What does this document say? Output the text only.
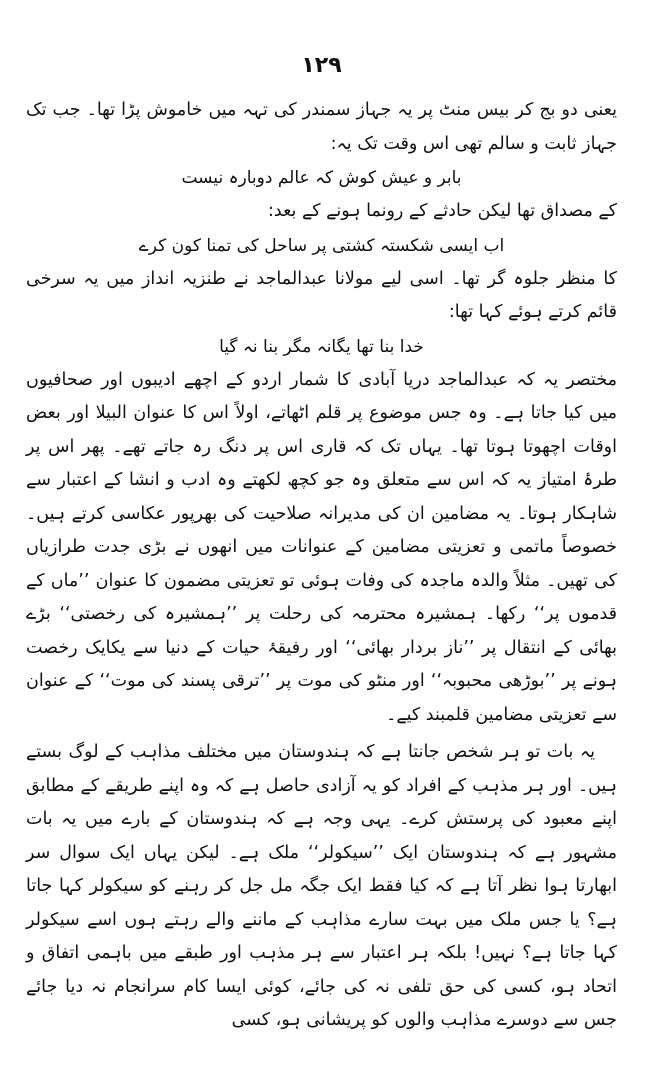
١٢٩

یعنی دو بج کر بیس منٹ پر یہ جہاز سمندر کی تہہ میں خاموش پڑا تھا۔ جب تک جہاز ثابت و سالم تھی اس وقت تک یہ:

بابر و عیش کوش کہ عالم دوبارہ نیست

کے مصداق تھا لیکن حادثے کے رونما ہونے کے بعد:

اب ایسی شکستہ کشتی پر ساحل کی تمنا کون کرے

کا منظر جلوہ گر تھا۔ اسی لیے مولانا عبدالماجد نے طنزیہ انداز میں یہ سرخی قائم کرتے ہوئے کہا تھا:

خدا بنا تھا یگانہ مگر بنا نہ گیا

مختصر یہ کہ عبدالماجد دریا آبادی کا شمار اردو کے اچھے ادیبوں اور صحافیوں میں کیا جاتا ہے۔ وہ جس موضوع پر قلم اٹھاتے، اولاً اس کا عنوان البیلا اور بعض اوقات اچھوتا ہوتا تھا۔ یہاں تک کہ قاری اس پر دنگ رہ جاتے تھے۔ پھر اس پر طرۂ امتیاز یہ کہ اس سے متعلق وہ جو کچھ لکھتے وہ ادب و انشا کے اعتبار سے شاہکار ہوتا۔ یہ مضامین ان کی مدیرانہ صلاحیت کی بھرپور عکاسی کرتے ہیں۔ خصوصاً ماتمی و تعزیتی مضامین کے عنوانات میں انھوں نے بڑی جدت طرازیاں کی تھیں۔ مثلاً والدہ ماجدہ کی وفات ہوئی تو تعزیتی مضمون کا عنوان ’’ماں کے قدموں پر‘‘ رکھا۔ ہمشیرہ محترمہ کی رحلت پر ’’ہمشیرہ کی رخصتی‘‘ بڑے بھائی کے انتقال پر ’’ناز بردار بھائی‘‘ اور رفیقۂ حیات کے دنیا سے یکایک رخصت ہونے پر ’’بوڑھی محبوبہ‘‘ اور منٹو کی موت پر ’’ترقی پسند کی موت‘‘ کے عنوان سے تعزیتی مضامین قلمبند کیے۔

یہ بات تو ہر شخص جانتا ہے کہ ہندوستان میں مختلف مذاہب کے لوگ بستے ہیں۔ اور ہر مذہب کے افراد کو یہ آزادی حاصل ہے کہ وہ اپنے طریقے کے مطابق اپنے معبود کی پرستش کرے۔ یہی وجہ ہے کہ ہندوستان کے بارے میں یہ بات مشہور ہے کہ ہندوستان ایک ’’سیکولر‘‘ ملک ہے۔ لیکن یہاں ایک سوال سر ابھارتا ہوا نظر آتا ہے کہ کیا فقط ایک جگہ مل جل کر رہنے کو سیکولر کہا جاتا ہے؟ یا جس ملک میں بہت سارے مذاہب کے ماننے والے رہتے ہوں اسے سیکولر کہا جاتا ہے؟ نہیں! بلکہ ہر اعتبار سے ہر مذہب اور طبقے میں باہمی اتفاق و اتحاد ہو، کسی کی حق تلفی نہ کی جائے، کوئی ایسا کام سرانجام نہ دیا جائے جس سے دوسرے مذاہب والوں کو پریشانی ہو، کسی
